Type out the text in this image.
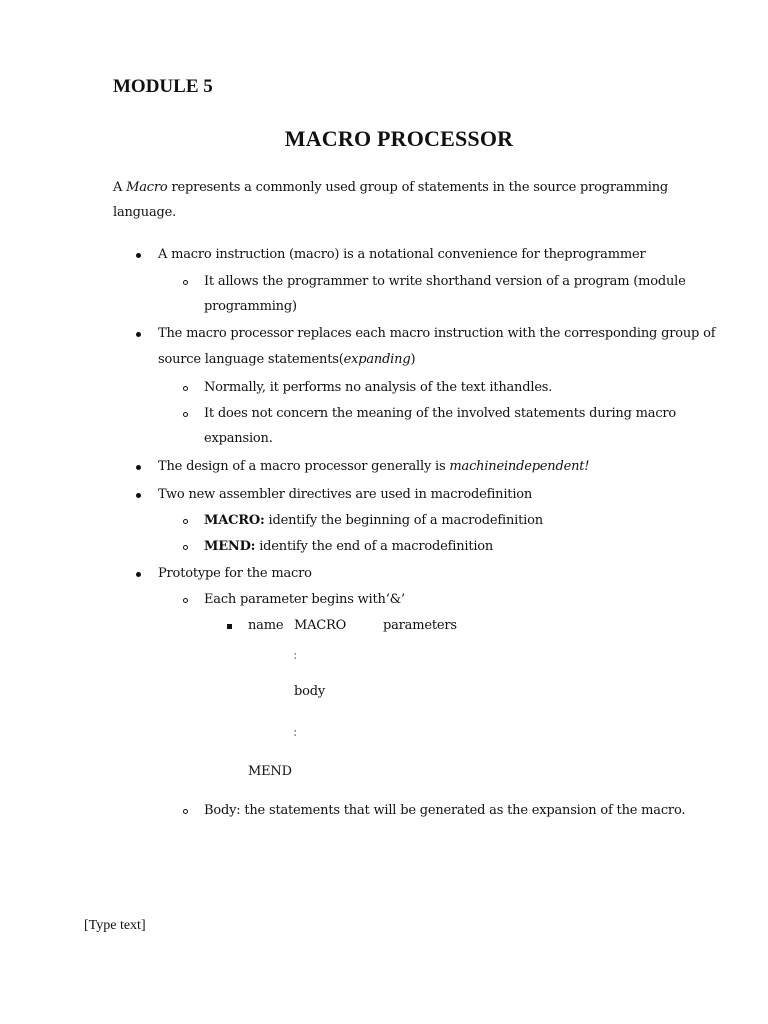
MODULE 5
MACRO PROCESSOR
A Macro represents a commonly used group of statements in the source programming
language.
A macro instruction (macro) is a notational convenience for theprogrammer
It allows the programmer to write shorthand version of a program (module
programming)
The macro processor replaces each macro instruction with the corresponding group of
source language statements(expanding)
Normally, it performs no analysis of the text ithandles.
It does not concern the meaning of the involved statements during macro
expansion.
The design of a macro processor generally is machineindependent!
Two new assembler directives are used in macrodefinition
MACRO: identify the beginning of a macrodefinition
MEND: identify the end of a macrodefinition
Prototype for the macro
Each parameter begins with‘&’
name MACRO	parameters
:
body
:
MEND
Body: the statements that will be generated as the expansion of the macro.
[Type text]
